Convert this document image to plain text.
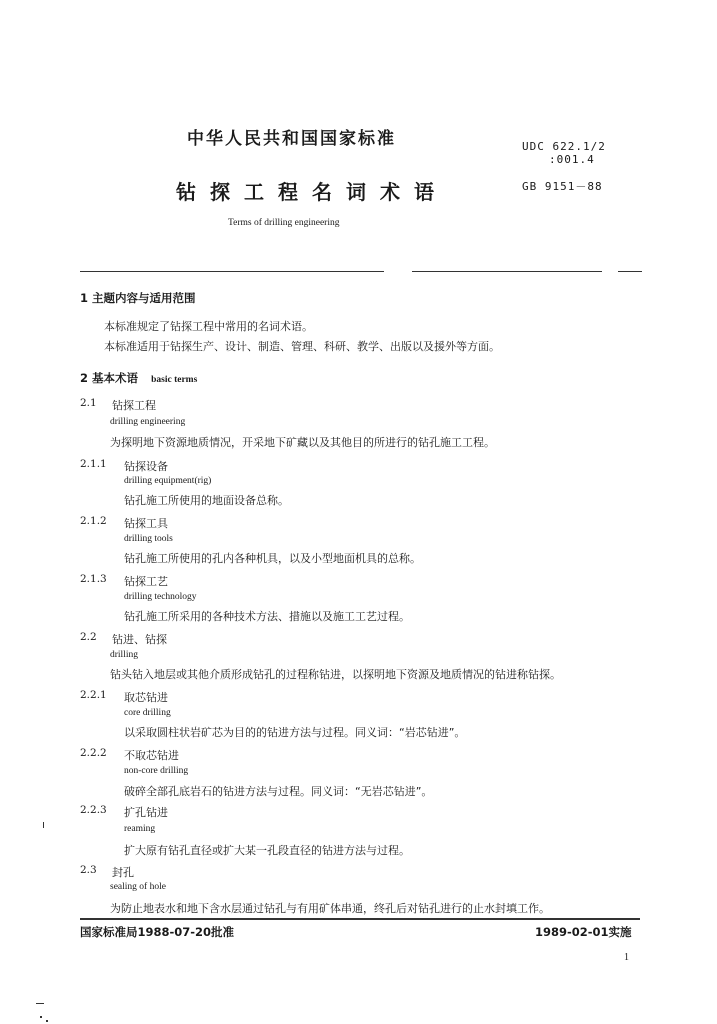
中华人民共和国国家标准	UDC 622.1/2
:001.4
GB 9151－88
钻探工程名词术语
Terms of drilling engineering
1 主题内容与适用范围
本标准规定了钻探工程中常用的名词术语。
本标准适用于钻探生产、设计、制造、管理、科研、教学、出版以及援外等方面。
2 基本术语 basic terms
2.1 钻探工程
drilling engineering
为探明地下资源地质情况，开采地下矿藏以及其他目的所进行的钻孔施工工程。
2.1.1 钻探设备
drilling equipment(rig)
钻孔施工所使用的地面设备总称。
2.1.2 钻探工具
drilling tools
钻孔施工所使用的孔内各种机具，以及小型地面机具的总称。
2.1.3 钻探工艺
drilling technology
钻孔施工所采用的各种技术方法、措施以及施工工艺过程。
2.2 钻进、钻探
drilling
钻头钻入地层或其他介质形成钻孔的过程称钻进，以探明地下资源及地质情况的钻进称钻探。
2.2.1 取芯钻进
core drilling
以采取圆柱状岩矿芯为目的的钻进方法与过程。同义词：“岩芯钻进”。
2.2.2 不取芯钻进
non-core drilling
破碎全部孔底岩石的钻进方法与过程。同义词：“无岩芯钻进”。
2.2.3 扩孔钻进
reaming
扩大原有钻孔直径或扩大某一孔段直径的钻进方法与过程。
2.3 封孔
sealing of hole
为防止地表水和地下含水层通过钻孔与有用矿体串通，终孔后对钻孔进行的止水封填工作。
国家标准局1988-07-20批准	1989-02-01实施
1
